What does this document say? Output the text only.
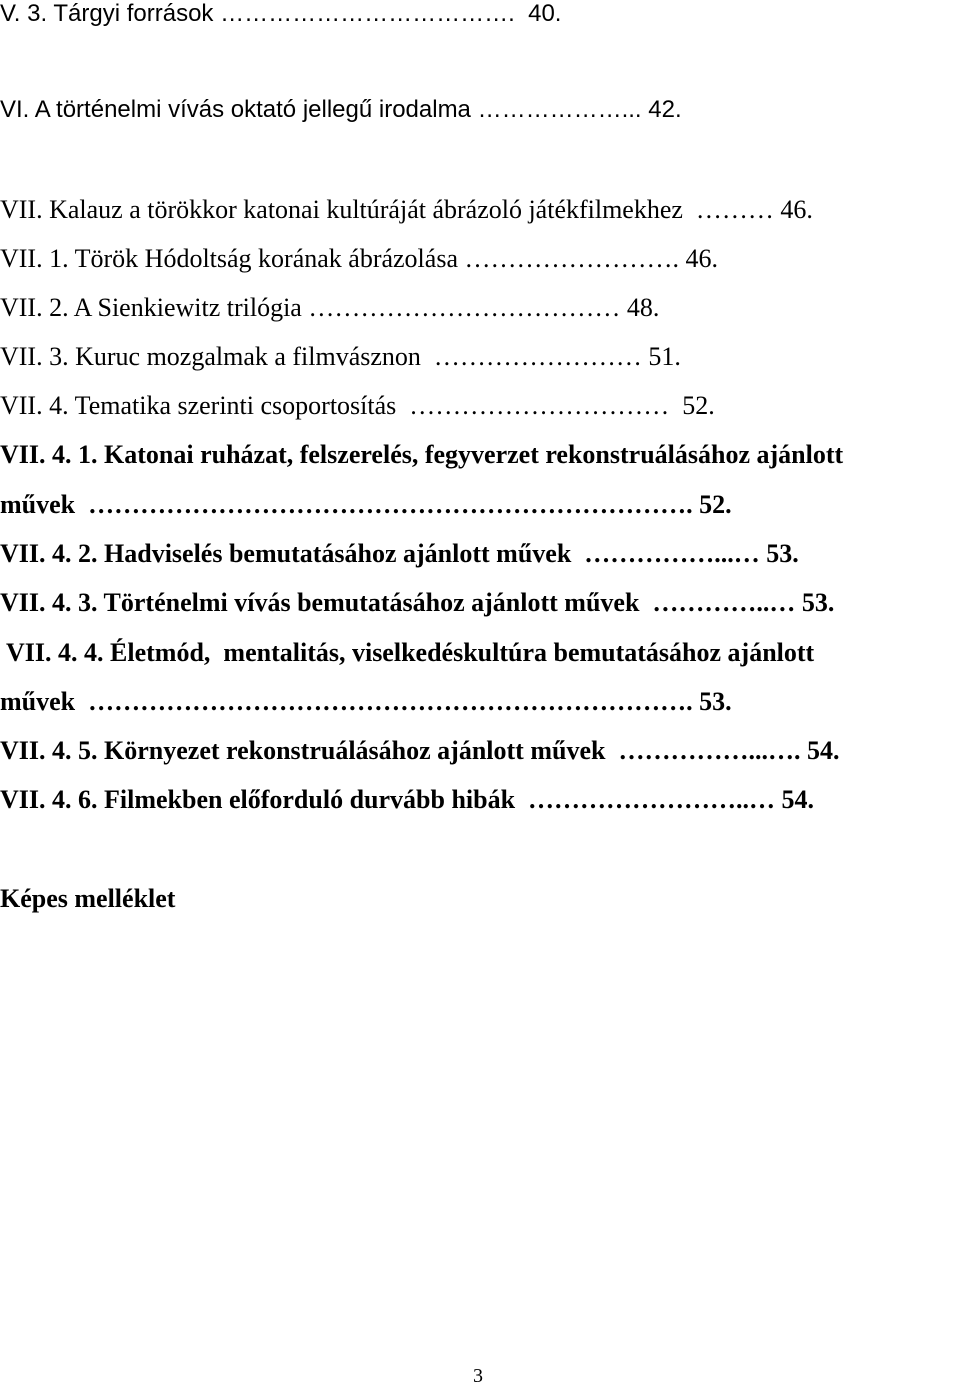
V. 3. Tárgyi források ……………………………….  40.
VI. A történelmi vívás oktató jellegű irodalma ………………... 42.
VII. Kalauz a törökkor katonai kultúráját ábrázoló játékfilmekhez  ……… 46.
VII. 1. Török Hódoltság korának ábrázolása ……………………. 46.
VII. 2. A Sienkiewitz trilógia ……………………………… 48.
VII. 3. Kuruc mozgalmak a filmvásznon  …………………… 51.
VII. 4. Tematika szerinti csoportosítás  …………………………  52.
VII. 4. 1. Katonai ruházat, felszerelés, fegyverzet rekonstruálásához ajánlott
művek  ……………………………………………………………. 52.
VII. 4. 2. Hadviselés bemutatásához ajánlott művek  ……………...… 53.
VII. 4. 3. Történelmi vívás bemutatásához ajánlott művek  …………..… 53.
VII. 4. 4. Életmód,  mentalitás, viselkedéskultúra bemutatásához ajánlott
művek  ……………………………………………………………. 53.
VII. 4. 5. Környezet rekonstruálásához ajánlott művek  ……………...…. 54.
VII. 4. 6. Filmekben előforduló durvább hibák  ……………………..… 54.
Képes melléklet
3
